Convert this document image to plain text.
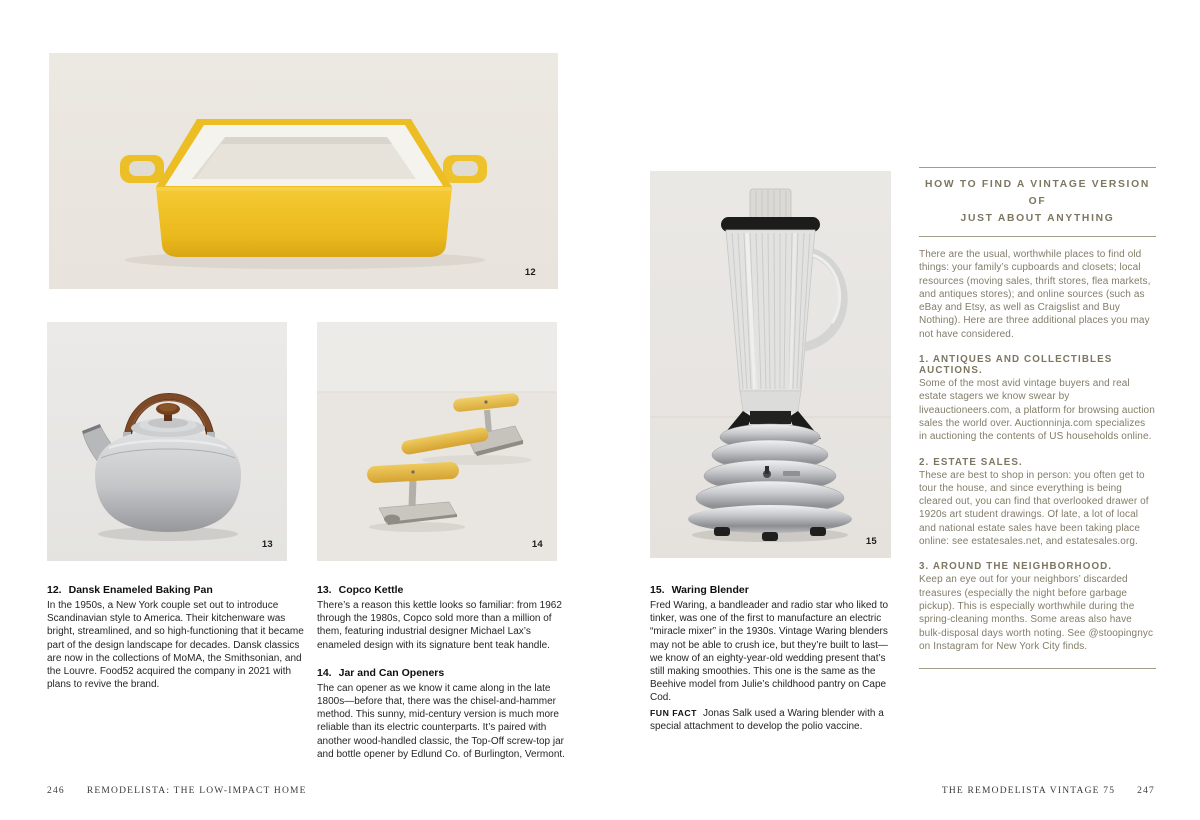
12
13	14	15
12. Dansk Enameled Baking Pan

In the 1950s, a New York couple set out to introduce Scandinavian style to America. Their kitchenware was bright, streamlined, and so high-functioning that it became part of the design landscape for decades. Dansk classics are now in the collections of MoMA, the Smithsonian, and the Louvre. Food52 acquired the company in 2021 with plans to revive the brand.

13. Copco Kettle

There’s a reason this kettle looks so familiar: from 1962 through the 1980s, Copco sold more than a million of them, featuring industrial designer Michael Lax’s enameled design with its signature bent teak handle.

14. Jar and Can Openers

The can opener as we know it came along in the late 1800s—before that, there was the chisel-and-hammer method. This sunny, mid-century version is much more reliable than its electric counterparts. It’s paired with another wood-handled classic, the Top-Off screw-top jar and bottle opener by Edlund Co. of Burlington, Vermont.

15. Waring Blender

Fred Waring, a bandleader and radio star who liked to tinker, was one of the first to manufacture an electric “miracle mixer” in the 1930s. Vintage Waring blenders may not be able to crush ice, but they’re built to last—we know of an eighty-year-old wedding present that’s still making smoothies. This one is the same as the Beehive model from Julie’s childhood pantry on Cape Cod.

FUN FACT Jonas Salk used a Waring blender with a special attachment to develop the polio vaccine.

HOW TO FIND A VINTAGE VERSION OF
JUST ABOUT ANYTHING

There are the usual, worthwhile places to find old things: your family’s cupboards and closets; local resources (moving sales, thrift stores, flea markets, and antiques stores); and online sources (such as eBay and Etsy, as well as Craigslist and Buy Nothing). Here are three additional places you may not have considered.

1. ANTIQUES AND COLLECTIBLES AUCTIONS.

Some of the most avid vintage buyers and real estate stagers we know swear by liveauctioneers.com, a platform for browsing auction sales the world over. Auctionninja.com specializes in auctioning the contents of US households online.

2. ESTATE SALES.

These are best to shop in person: you often get to tour the house, and since everything is being cleared out, you can find that overlooked drawer of 1920s art student drawings. Of late, a lot of local and national estate sales have been taking place online: see estatesales.net, and estatesales.org.

3. AROUND THE NEIGHBORHOOD.

Keep an eye out for your neighbors’ discarded treasures (especially the night before garbage pickup). This is especially worthwhile during the spring-cleaning months. Some areas also have bulk-disposal days worth noting. See @stoopingnyc on Instagram for New York City finds.

246 REMODELISTA: THE LOW-IMPACT HOME	THE REMODELISTA VINTAGE 75 247
